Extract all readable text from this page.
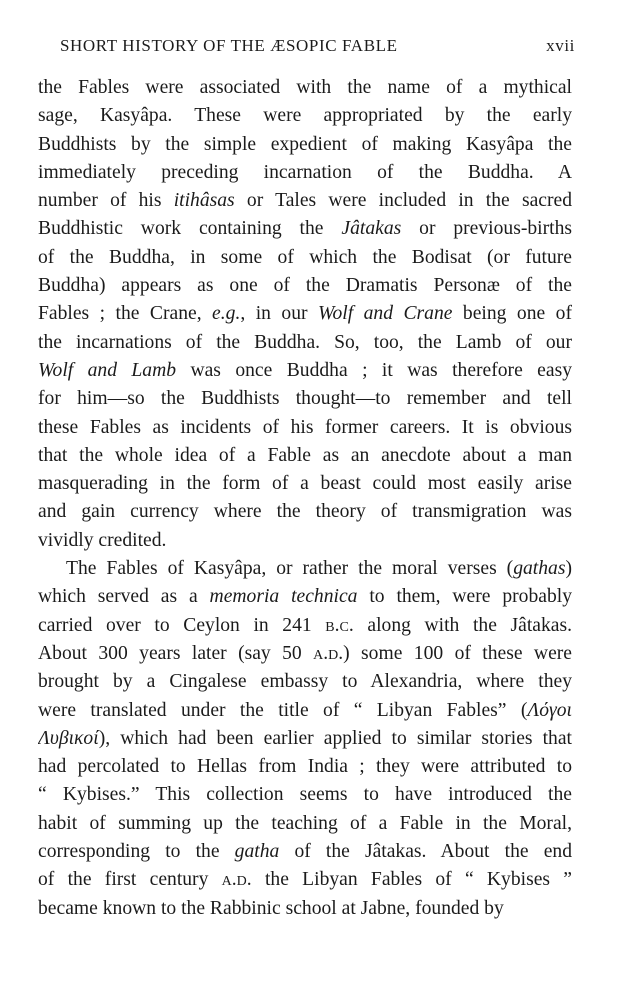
SHORT HISTORY OF THE ÆSOPIC FABLE	xvii
the Fables were associated with the name of a mythical
sage, Kasyâpa. These were appropriated by the early
Buddhists by the simple expedient of making Kasyâpa the
immediately preceding incarnation of the Buddha. A
number of his itihâsas or Tales were included in the sacred
Buddhistic work containing the Jâtakas or previous-births
of the Buddha, in some of which the Bodisat (or future
Buddha) appears as one of the Dramatis Personæ of the
Fables ; the Crane, e.g., in our Wolf and Crane being one of
the incarnations of the Buddha. So, too, the Lamb of our
Wolf and Lamb was once Buddha ; it was therefore easy
for him—so the Buddhists thought—to remember and tell
these Fables as incidents of his former careers. It is obvious
that the whole idea of a Fable as an anecdote about a man
masquerading in the form of a beast could most easily arise
and gain currency where the theory of transmigration was
vividly credited.
The Fables of Kasyâpa, or rather the moral verses (gathas)
which served as a memoria technica to them, were probably
carried over to Ceylon in 241 b.c. along with the Jâtakas.
About 300 years later (say 50 a.d.) some 100 of these were
brought by a Cingalese embassy to Alexandria, where they
were translated under the title of “ Libyan Fables” (Λόγοι
Λυβικοί), which had been earlier applied to similar stories that
had percolated to Hellas from India ; they were attributed to
“ Kybises.” This collection seems to have introduced the
habit of summing up the teaching of a Fable in the Moral,
corresponding to the gatha of the Jâtakas. About the end
of the first century a.d. the Libyan Fables of “ Kybises ”
became known to the Rabbinic school at Jabne, founded by
